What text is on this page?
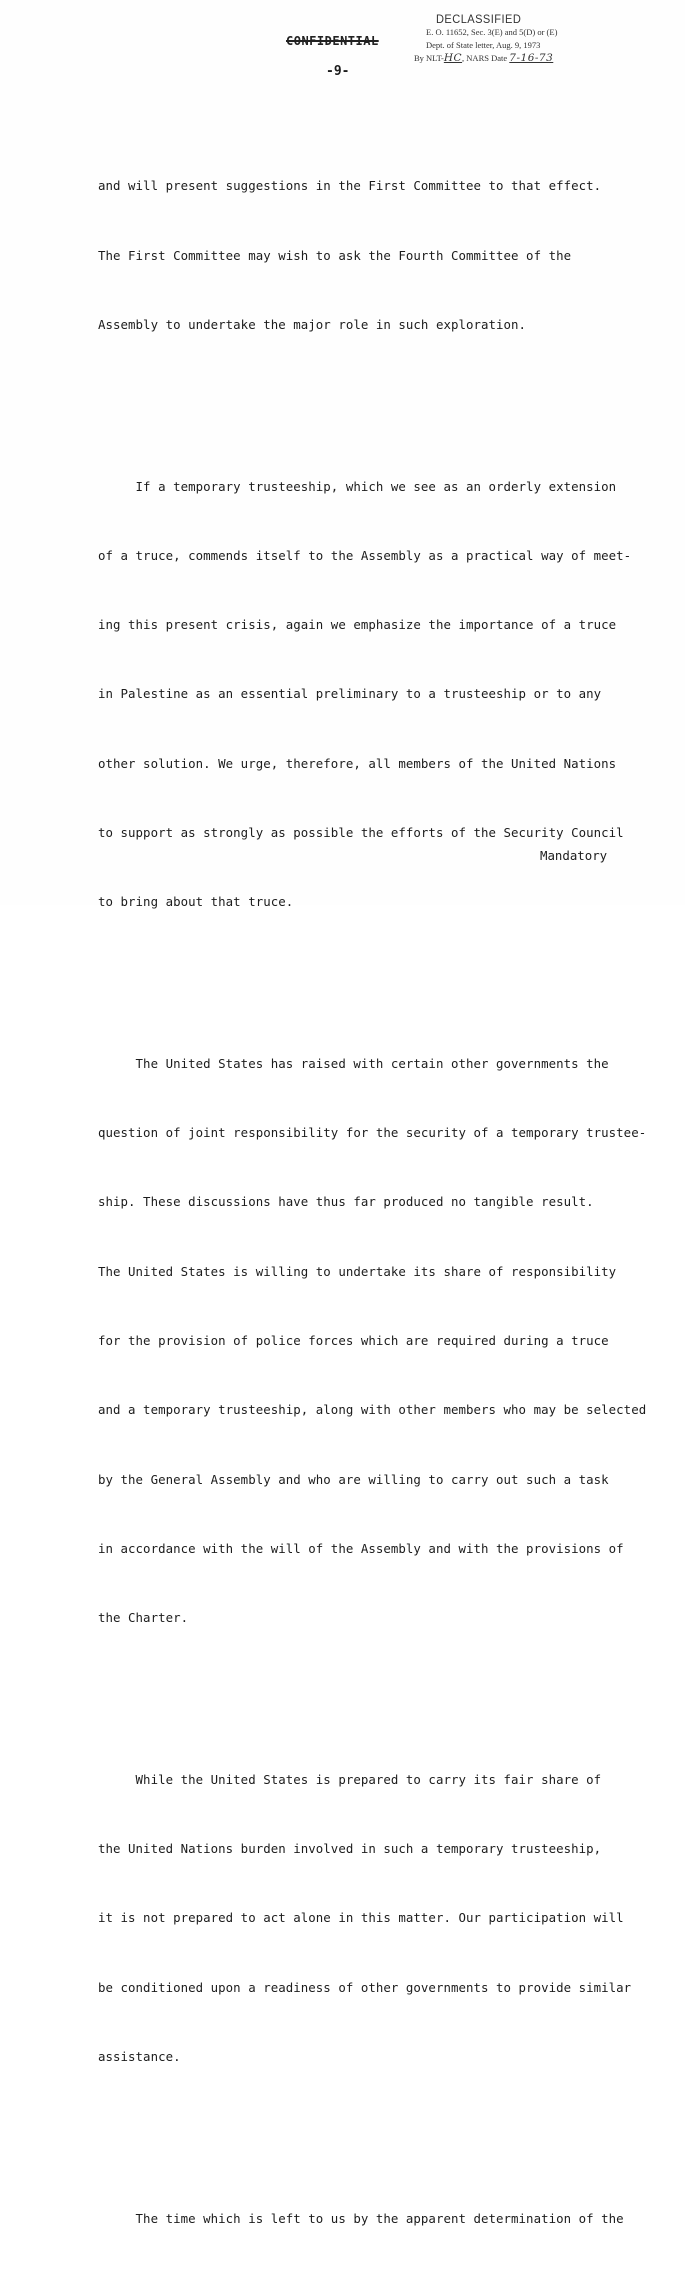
CONFIDENTIAL
-9-
DECLASSIFIED
E. O. 11652, Sec. 3(E) and 5(D) or (E)
Dept. of State letter, Aug. 9, 1973
By NLT-HC, NARS Date 7-16-73

and will present suggestions in the First Committee to that effect.

The First Committee may wish to ask the Fourth Committee of the

Assembly to undertake the major role in such exploration.

If a temporary trusteeship, which we see as an orderly extension

of a truce, commends itself to the Assembly as a practical way of meet-

ing this present crisis, again we emphasize the importance of a truce

in Palestine as an essential preliminary to a trusteeship or to any

other solution. We urge, therefore, all members of the United Nations

to support as strongly as possible the efforts of the Security Council

to bring about that truce.

The United States has raised with certain other governments the

question of joint responsibility for the security of a temporary trustee-

ship. These discussions have thus far produced no tangible result.

The United States is willing to undertake its share of responsibility

for the provision of police forces which are required during a truce

and a temporary trusteeship, along with other members who may be selected

by the General Assembly and who are willing to carry out such a task

in accordance with the will of the Assembly and with the provisions of

the Charter.

While the United States is prepared to carry its fair share of

the United Nations burden involved in such a temporary trusteeship,

it is not prepared to act alone in this matter. Our participation will

be conditioned upon a readiness of other governments to provide similar

assistance.

The time which is left to us by the apparent determination of the

Mandatory
